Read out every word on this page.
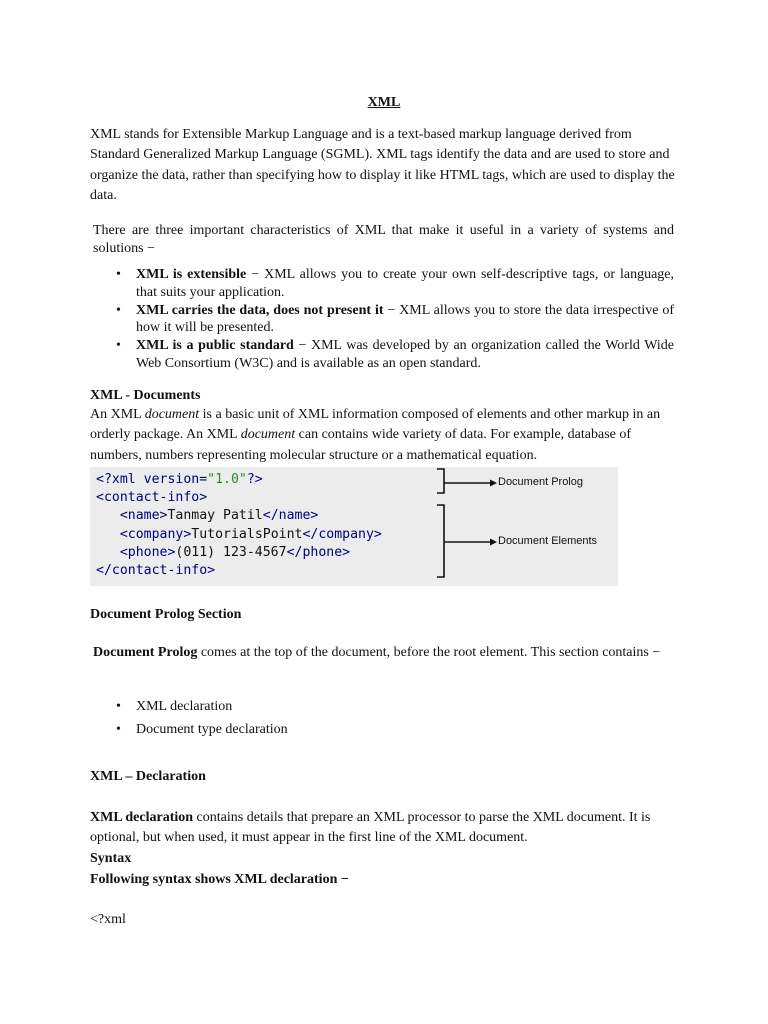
XML

XML stands for Extensible Markup Language and is a text-based markup language derived from Standard Generalized Markup Language (SGML). XML tags identify the data and are used to store and organize the data, rather than specifying how to display it like HTML tags, which are used to display the data.

There are three important characteristics of XML that make it useful in a variety of systems and solutions −

• XML is extensible − XML allows you to create your own self-descriptive tags, or language, that suits your application.
• XML carries the data, does not present it − XML allows you to store the data irrespective of how it will be presented.
• XML is a public standard − XML was developed by an organization called the World Wide Web Consortium (W3C) and is available as an open standard.

XML - Documents

An XML document is a basic unit of XML information composed of elements and other markup in an orderly package. An XML document can contains wide variety of data. For example, database of numbers, numbers representing molecular structure or a mathematical equation.

<?xml version="1.0"?>
<contact-info>
<name>Tanmay Patil</name>
<company>TutorialsPoint</company>
<phone>(011) 123-4567</phone>
</contact-info>
Document Prolog
Document Elements

Document Prolog Section

Document Prolog comes at the top of the document, before the root element. This section contains −

• XML declaration
• Document type declaration

XML – Declaration

XML declaration contains details that prepare an XML processor to parse the XML document. It is optional, but when used, it must appear in the first line of the XML document.

Syntax

Following syntax shows XML declaration −

<?xml
